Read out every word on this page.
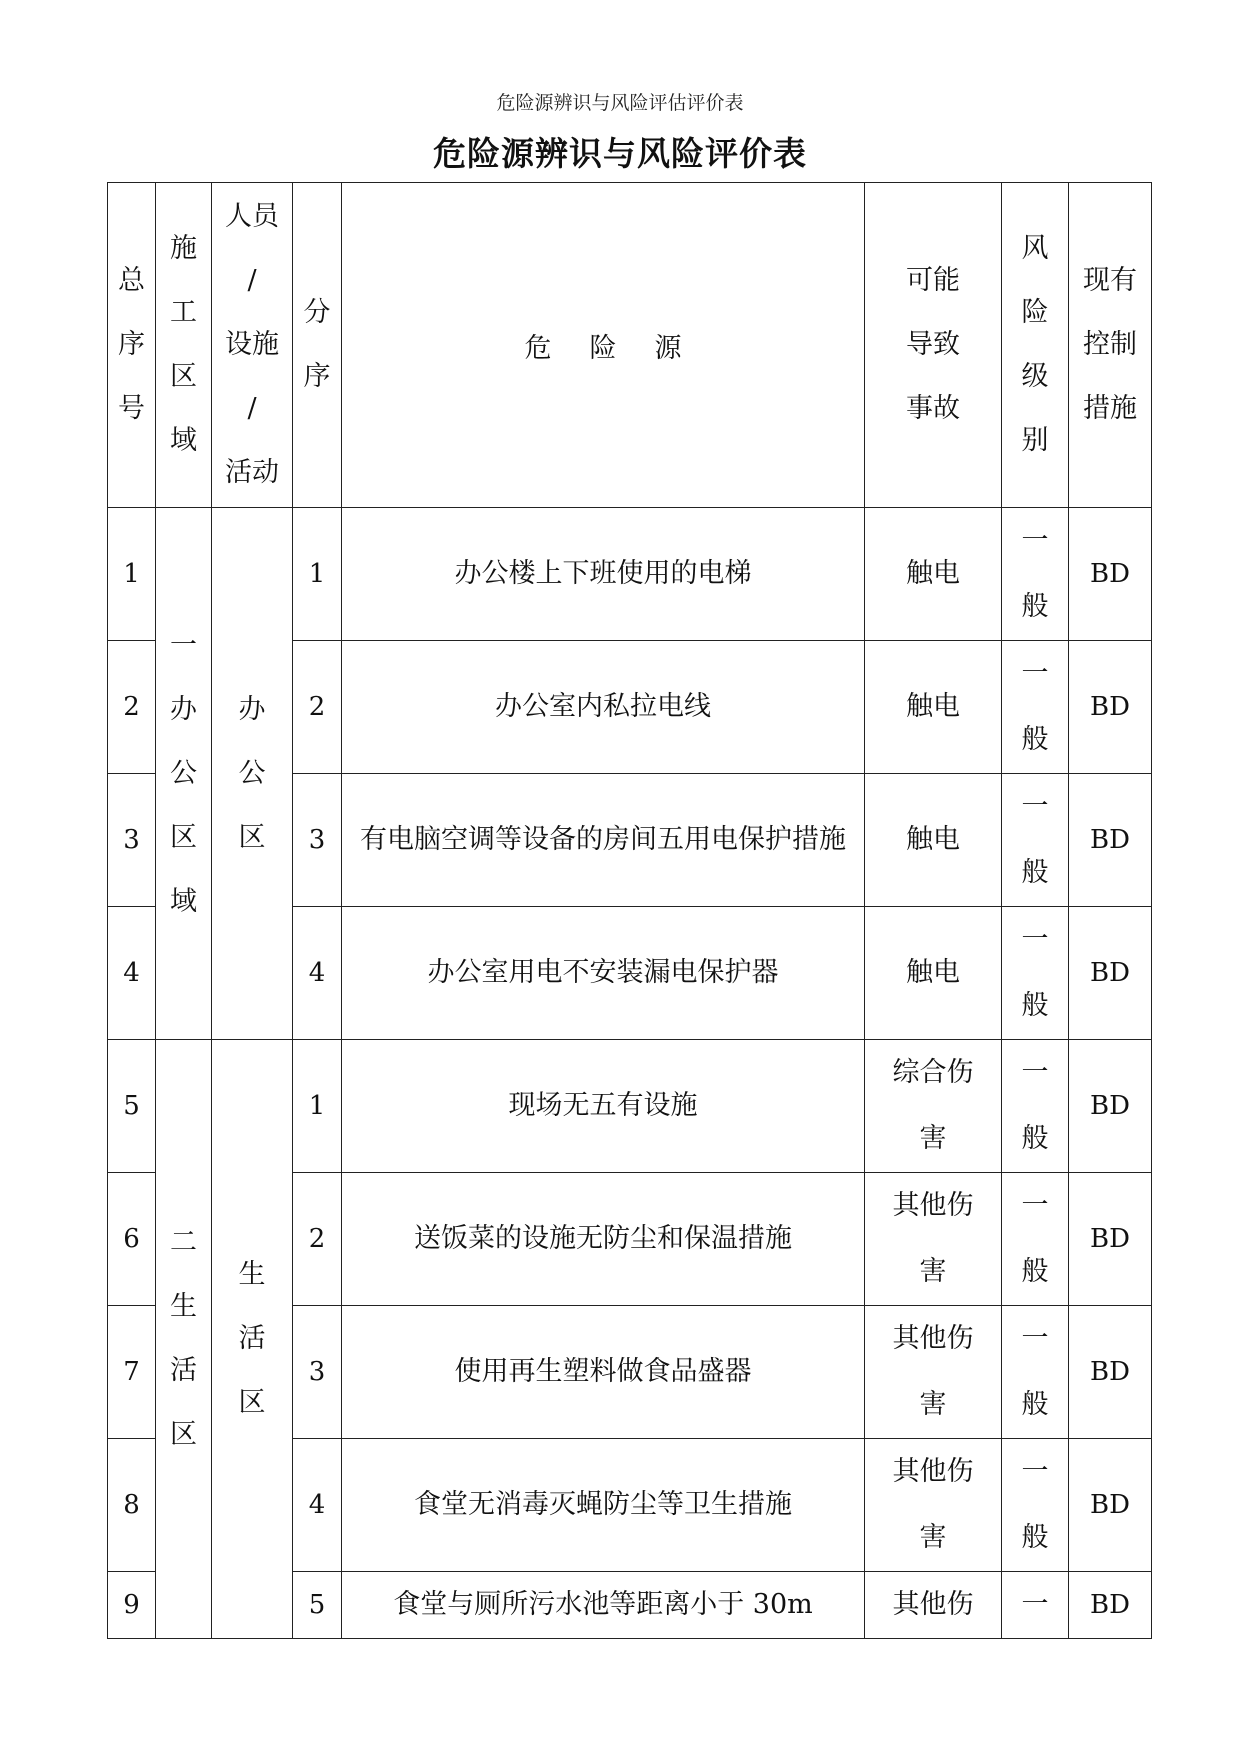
危险源辨识与风险评估评价表
危险源辨识与风险评价表
总
序
号	施
工
区
域	人员
/
设施
/
活动	分
序	危险源	可能
导致
事故	风
险
级
别	现有
控制
措施
1	一
办
公
区
域	办
公
区	1	办公楼上下班使用的电梯	触电	一
般	BD
2			2	办公室内私拉电线	触电	一
般	BD
3			3	有电脑空调等设备的房间五用电保护措施	触电	一
般	BD
4			4	办公室用电不安装漏电保护器	触电	一
般	BD
5	二
生
活
区	生
活
区	1	现场无五有设施	综合伤
害	一
般	BD
6			2	送饭菜的设施无防尘和保温措施	其他伤
害	一
般	BD
7			3	使用再生塑料做食品盛器	其他伤
害	一
般	BD
8			4	食堂无消毒灭蝇防尘等卫生措施	其他伤
害	一
般	BD
9			5	食堂与厕所污水池等距离小于 30m	其他伤	一	BD
